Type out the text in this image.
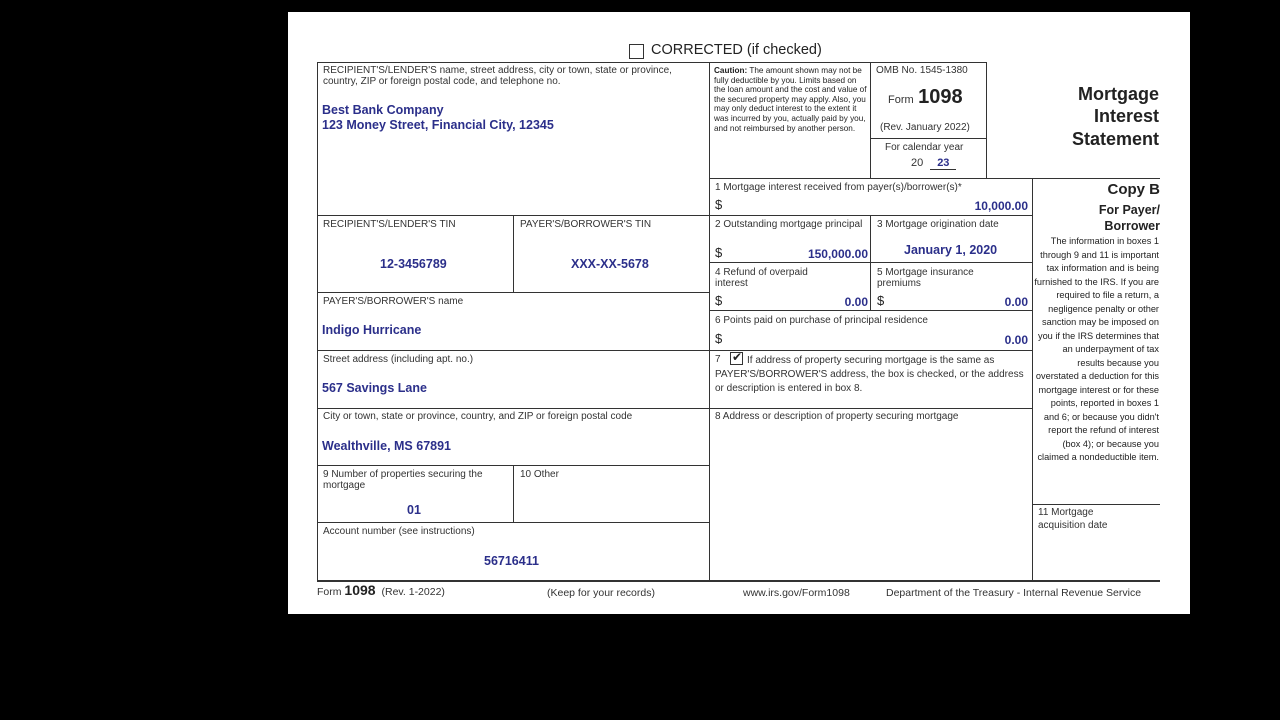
CORRECTED (if checked)
RECIPIENT'S/LENDER'S name, street address, city or town, state or province, country, ZIP or foreign postal code, and telephone no.
Best Bank Company
123 Money Street, Financial City, 12345
RECIPIENT'S/LENDER'S TIN
12-3456789
PAYER'S/BORROWER'S TIN
XXX-XX-5678
PAYER'S/BORROWER'S name
Indigo Hurricane
Street address (including apt. no.)
567 Savings Lane
City or town, state or province, country, and ZIP or foreign postal code
Wealthville, MS 67891
9 Number of properties securing the mortgage
01
10 Other
Account number (see instructions)
56716411
Caution: The amount shown may not be fully deductible by you. Limits based on the loan amount and the cost and value of the secured property may apply. Also, you may only deduct interest to the extent it was incurred by you, actually paid by you, and not reimbursed by another person.
OMB No. 1545-1380
Form 1098
(Rev. January 2022)
For calendar year
20 23
Mortgage
Interest
Statement
1 Mortgage interest received from payer(s)/borrower(s)*
$	10,000.00
2 Outstanding mortgage principal
$	150,000.00
3 Mortgage origination date
January 1, 2020
4 Refund of overpaid interest
$	0.00
5 Mortgage insurance premiums
$	0.00
6 Points paid on purchase of principal residence
$	0.00
7 ✔ If address of property securing mortgage is the same as PAYER'S/BORROWER'S address, the box is checked, or the address or description is entered in box 8.
8 Address or description of property securing mortgage
Copy B
For Payer/
Borrower
The information in boxes 1 through 9 and 11 is important tax information and is being furnished to the IRS. If you are required to file a return, a negligence penalty or other sanction may be imposed on you if the IRS determines that an underpayment of tax results because you overstated a deduction for this mortgage interest or for these points, reported in boxes 1 and 6; or because you didn't report the refund of interest (box 4); or because you claimed a nondeductible item.
11 Mortgage
acquisition date
Form 1098 (Rev. 1-2022)	(Keep for your records)	www.irs.gov/Form1098	Department of the Treasury - Internal Revenue Service
